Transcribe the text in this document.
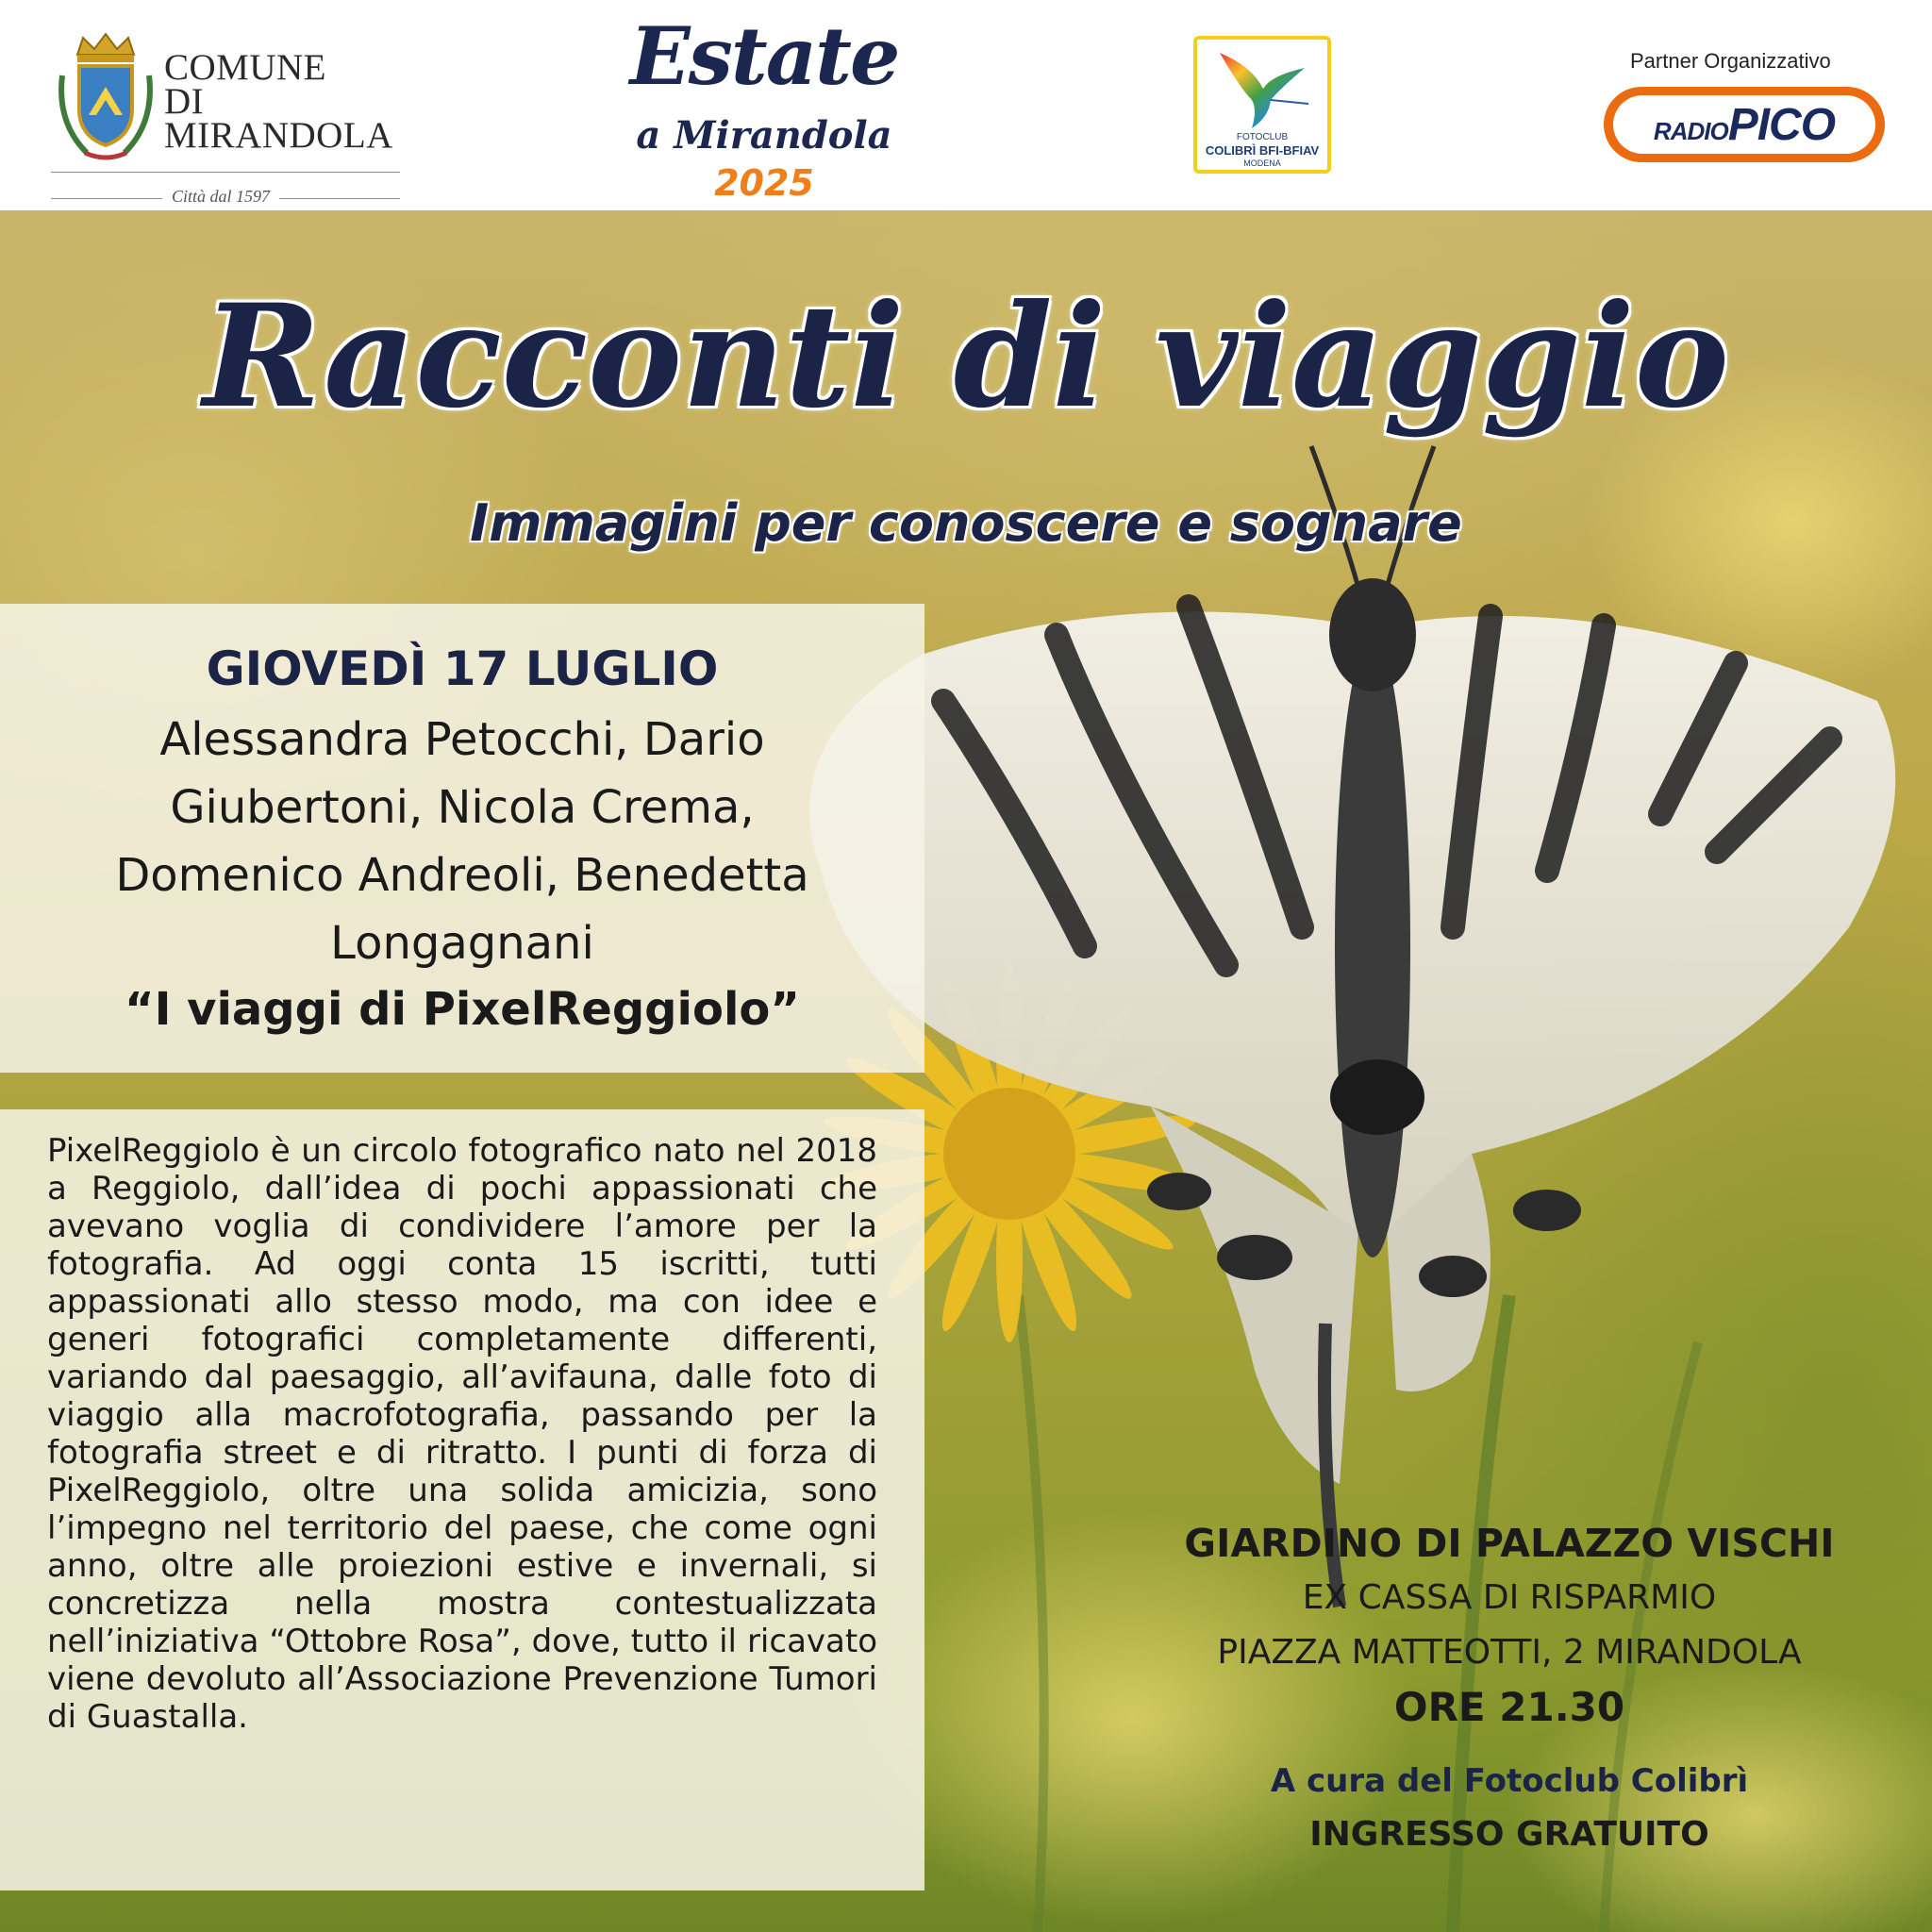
COMUNE
DI
MIRANDOLA
Città dal 1597
Estate
a Mirandola
2025
FOTOCLUB
COLIBRÌ BFI-BFIAV
MODENA
Partner Organizzativo
RADIOPICO
Racconti di viaggio
Immagini per conoscere e sognare
GIOVEDÌ 17 LUGLIO
Alessandra Petocchi, Dario Giubertoni, Nicola Crema, Domenico Andreoli, Benedetta Longagnani
“I viaggi di PixelReggiolo”
PixelReggiolo è un circolo fotografico nato nel 2018 a Reggiolo, dall’idea di pochi appassionati che avevano voglia di condividere l’amore per la fotografia. Ad oggi conta 15 iscritti, tutti appassionati allo stesso modo, ma con idee e generi fotografici completamente differenti, variando dal paesaggio, all’avifauna, dalle foto di viaggio alla macrofotografia, passando per la fotografia street e di ritratto. I punti di forza di PixelReggiolo, oltre una solida amicizia, sono l’impegno nel territorio del paese, che come ogni anno, oltre alle proiezioni estive e invernali, si concretizza nella mostra contestualizzata nell’iniziativa “Ottobre Rosa”, dove, tutto il ricavato viene devoluto all’Associazione Prevenzione Tumori di Guastalla.
GIARDINO DI PALAZZO VISCHI
EX CASSA DI RISPARMIO
PIAZZA MATTEOTTI, 2 MIRANDOLA
ORE 21.30
A cura del Fotoclub Colibrì
INGRESSO GRATUITO
